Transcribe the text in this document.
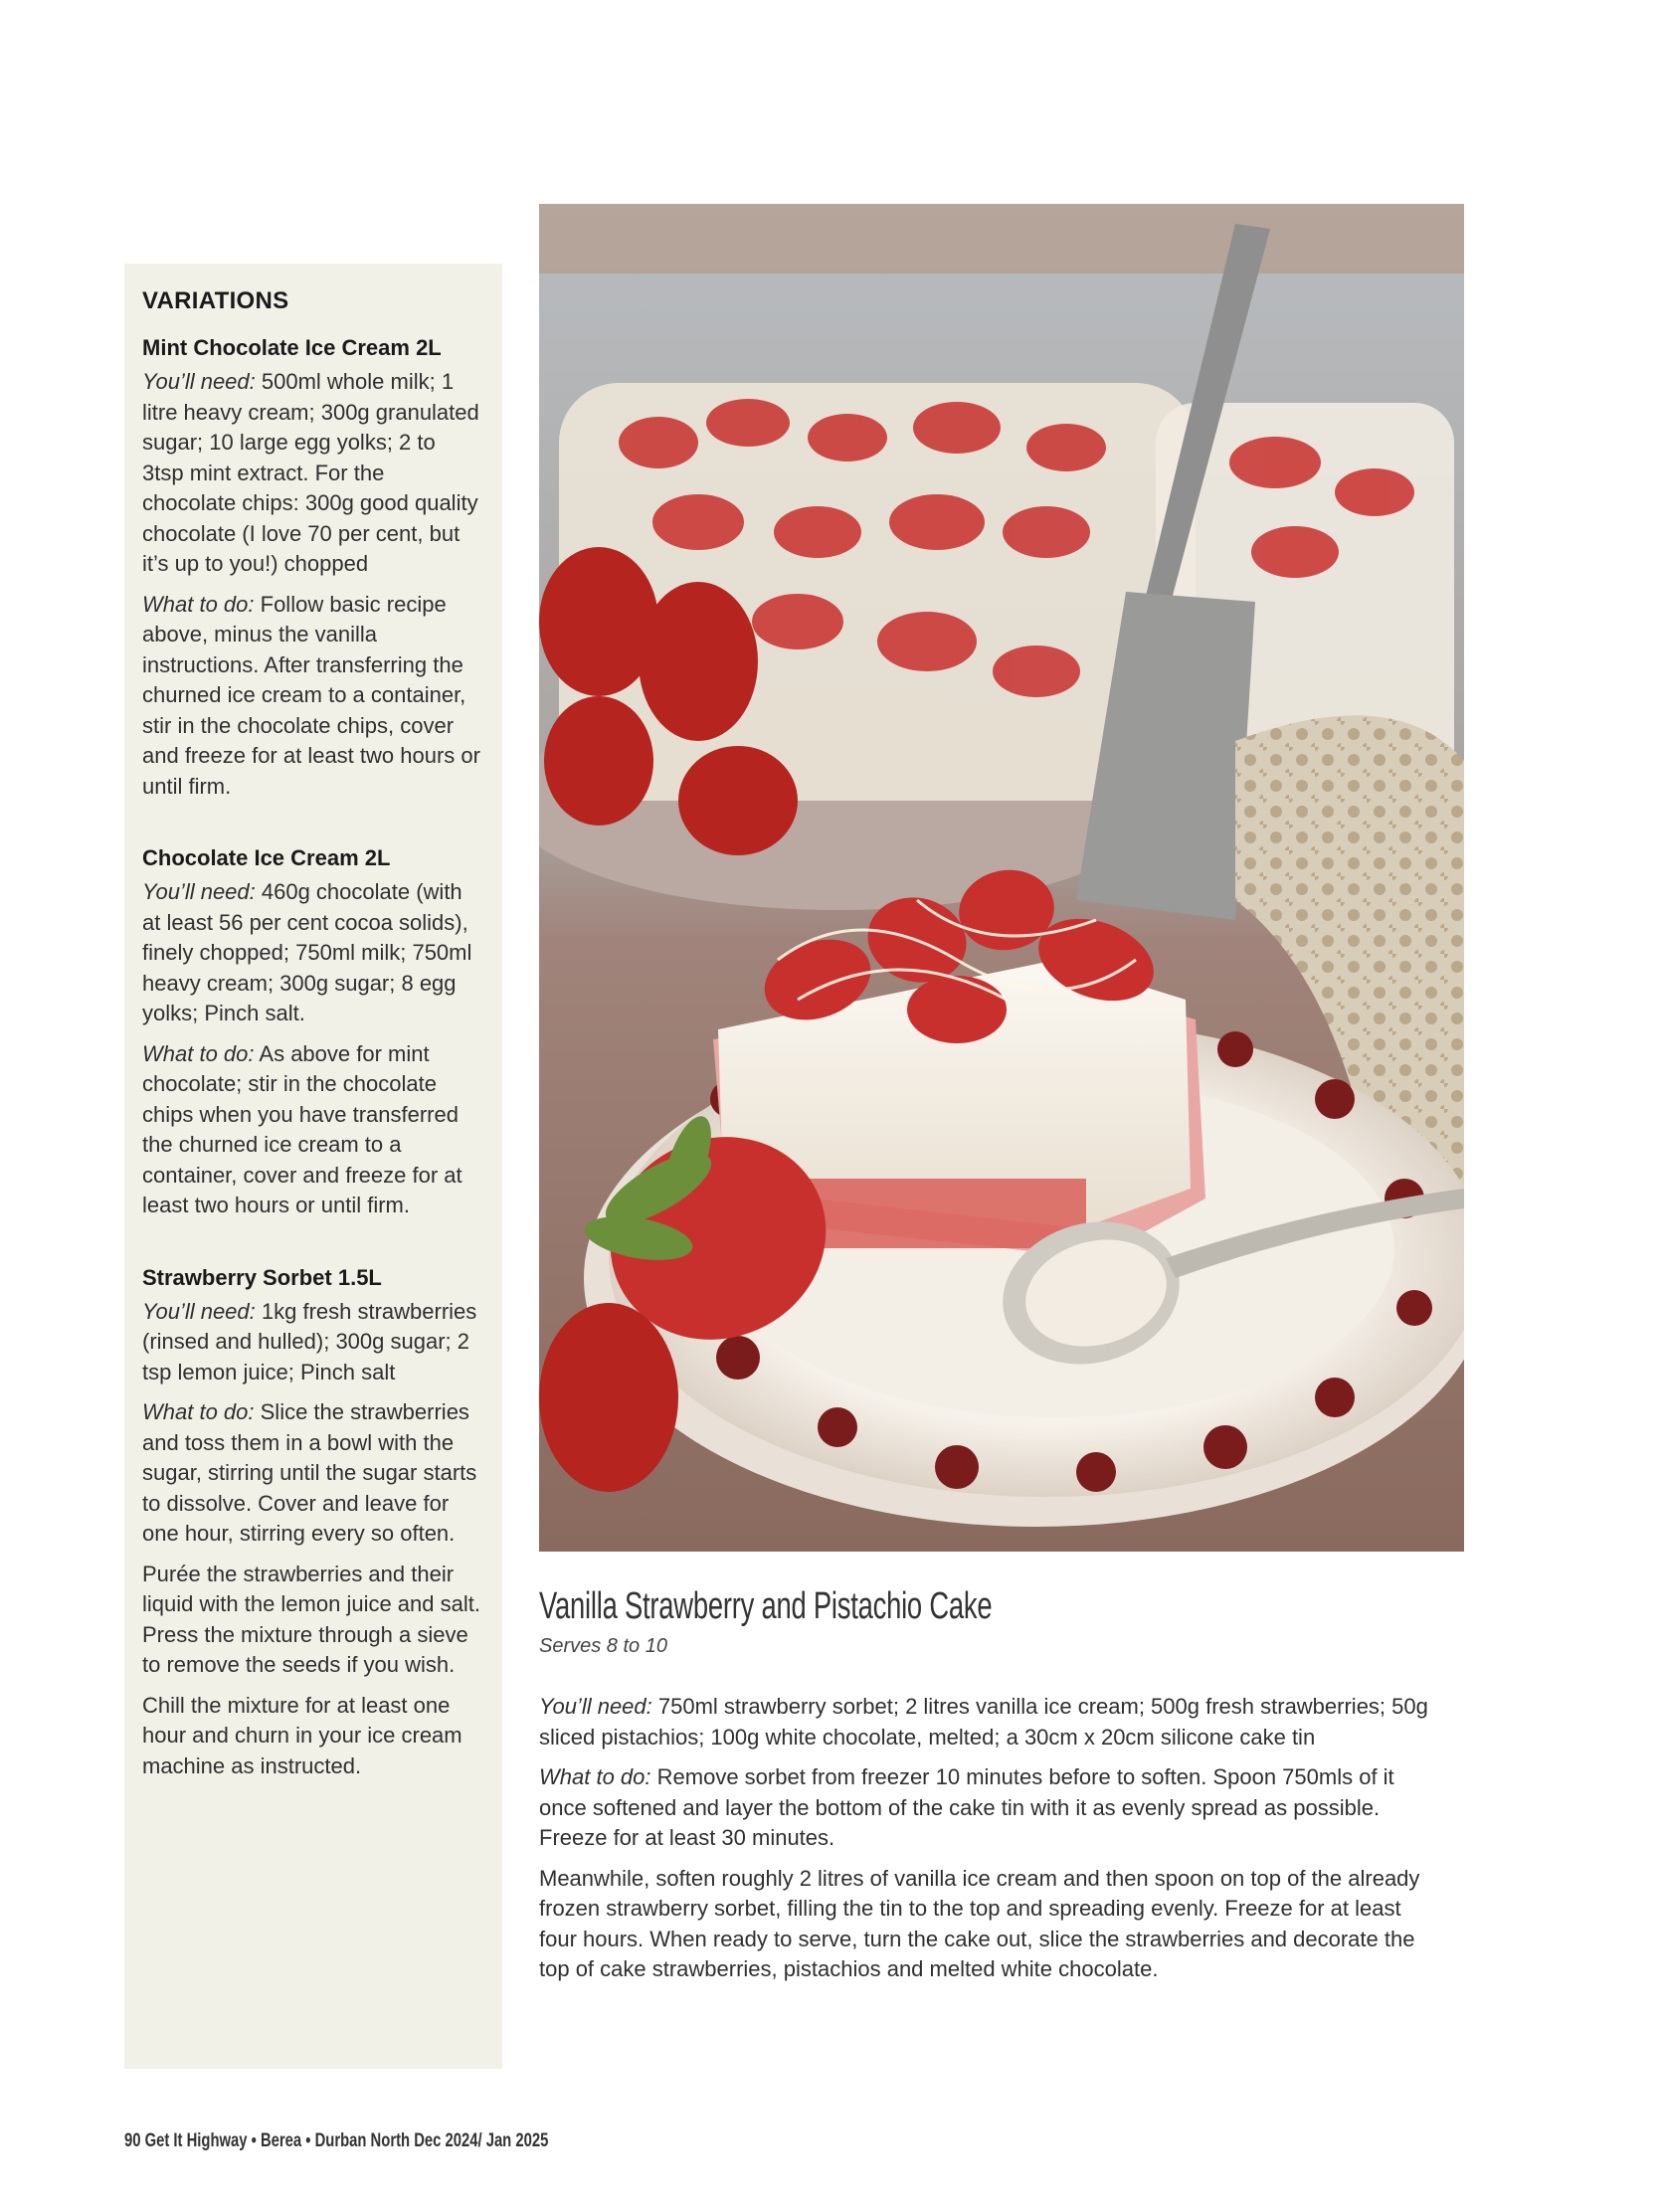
VARIATIONS
Mint Chocolate Ice Cream 2L

You’ll need: 500ml whole milk; 1 litre heavy cream; 300g granulated sugar; 10 large egg yolks; 2 to 3tsp mint extract. For the chocolate chips: 300g good quality chocolate (I love 70 per cent, but it’s up to you!) chopped

What to do: Follow basic recipe above, minus the vanilla instructions. After transferring the churned ice cream to a container, stir in the chocolate chips, cover and freeze for at least two hours or until firm.

Chocolate Ice Cream 2L

You’ll need: 460g chocolate (with at least 56 per cent cocoa solids), finely chopped; 750ml milk; 750ml heavy cream; 300g sugar; 8 egg yolks; Pinch salt.

What to do: As above for mint chocolate; stir in the chocolate chips when you have transferred the churned ice cream to a container, cover and freeze for at least two hours or until firm.

Strawberry Sorbet 1.5L

You’ll need: 1kg fresh strawberries (rinsed and hulled); 300g sugar; 2 tsp lemon juice; Pinch salt

What to do: Slice the strawberries and toss them in a bowl with the sugar, stirring until the sugar starts to dissolve. Cover and leave for one hour, stirring every so often.

Purée the strawberries and their liquid with the lemon juice and salt. Press the mixture through a sieve to remove the seeds if you wish.

Chill the mixture for at least one hour and churn in your ice cream machine as instructed.

Vanilla Strawberry and Pistachio Cake
Serves 8 to 10

You’ll need: 750ml strawberry sorbet; 2 litres vanilla ice cream; 500g fresh strawberries; 50g sliced pistachios; 100g white chocolate, melted; a 30cm x 20cm silicone cake tin

What to do: Remove sorbet from freezer 10 minutes before to soften. Spoon 750mls of it once softened and layer the bottom of the cake tin with it as evenly spread as possible. Freeze for at least 30 minutes.

Meanwhile, soften roughly 2 litres of vanilla ice cream and then spoon on top of the already frozen strawberry sorbet, filling the tin to the top and spreading evenly. Freeze for at least four hours. When ready to serve, turn the cake out, slice the strawberries and decorate the top of cake strawberries, pistachios and melted white chocolate.

90 Get It Highway • Berea • Durban North Dec 2024/ Jan 2025
